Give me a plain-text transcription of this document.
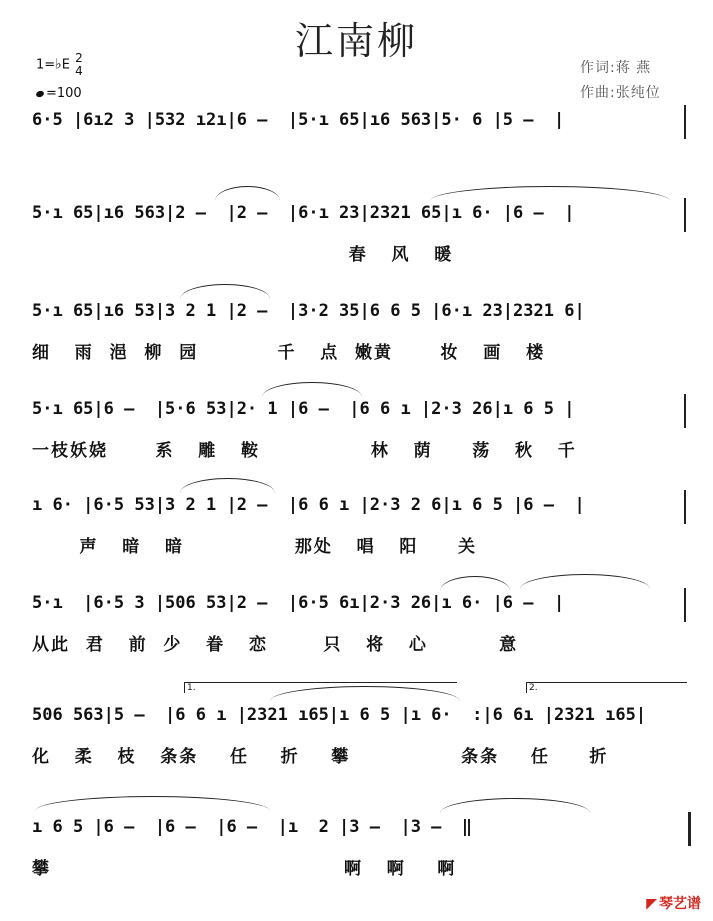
江南柳
1=♭E 2
4
=100
作词:蒋 燕
作曲:张纯位
6·5 |6ı2 3 |532 ı2ı|6 –  |5·ı 65|ı6 563|5· 6 |5 –  |
5·ı 65|ı6 563|2 –  |2 –  |6·ı 23|2321 65|ı 6· |6 –  |
春   风   暖
5·ı 65|ı6 53|3 2 1 |2 –  |3·2 35|6 6 5 |6·ı 23|2321 6|
细   雨  浥  柳  园          千   点  嫩黄      妆   画   楼
5·ı 65|6 –  |5·6 53|2· 1 |6 –  |6 6 ı |2·3 26|ı 6 5 |
一枝妖娆      系   雕   鞍              林   荫     荡   秋   千
ı 6· |6·5 53|3 2 1 |2 –  |6 6 ı |2·3 2 6|ı 6 5 |6 –  |
声   暗   暗              那处   唱   阳     关
5·ı  |6·5 3 |506 53|2 –  |6·5 6ı|2·3 26|ı 6· |6 –  |
从此  君   前  少   眷   恋       只   将   心         意
1.	2.
506 563|5 –  |6 6 ı |2321 ı65|ı 6 5 |ı 6·  :|6 6ı |2321 ı65|
化   柔   枝   条条    任    折    攀              条条    任     折
ı 6 5 |6 –  |6 –  |6 –  |ı  2 |3 –  |3 –  ‖
攀                                     啊   啊    啊
◤ 琴艺谱
